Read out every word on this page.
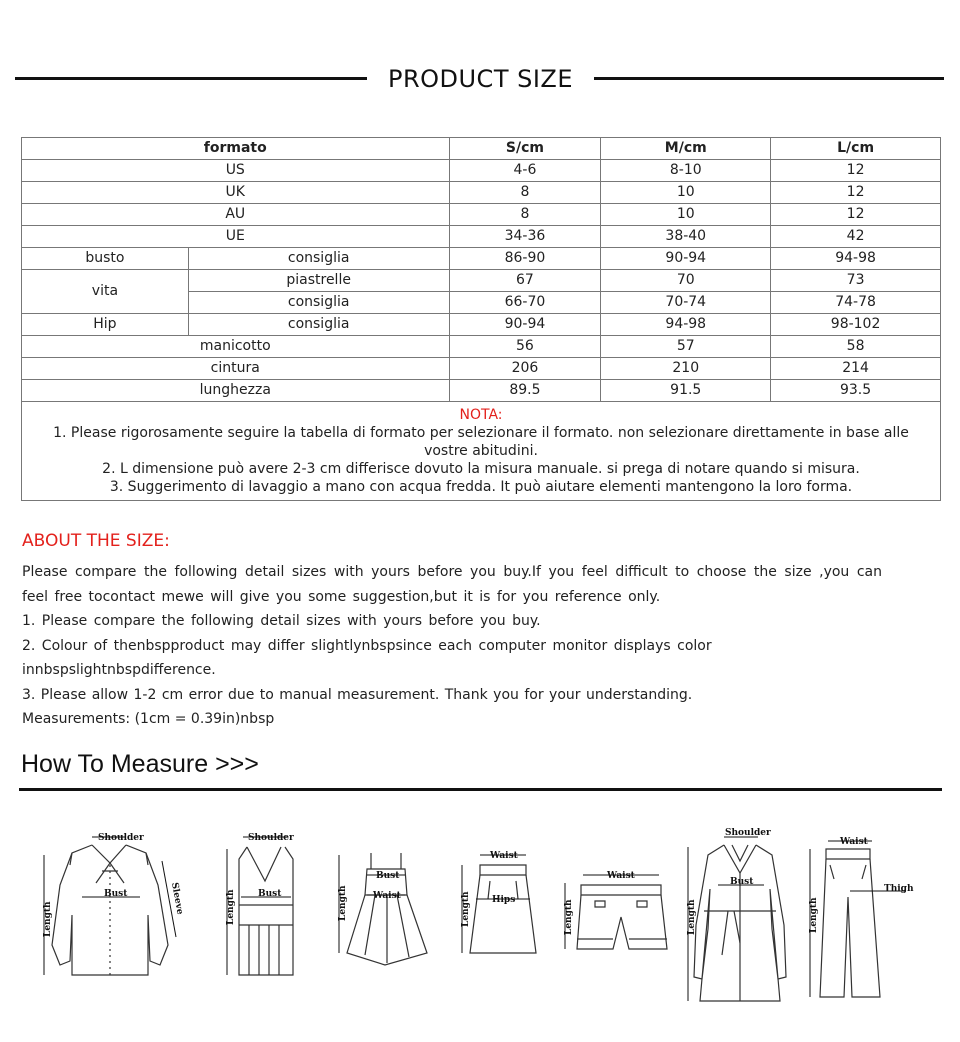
PRODUCT SIZE
formato		S/cm	M/cm	L/cm
US		4-6	8-10	12
UK		8	10	12
AU		8	10	12
UE		34-36	38-40	42
busto	consiglia	86-90	90-94	94-98
vita	piastrelle	67	70	73
	consiglia	66-70	70-74	74-78
Hip	consiglia	90-94	94-98	98-102
manicotto		56	57	58
cintura		206	210	214
lunghezza		89.5	91.5	93.5

NOTA:
1. Please rigorosamente seguire la tabella di formato per selezionare il formato. non selezionare direttamente in base alle vostre abitudini.
2. L dimensione può avere 2-3 cm differisce dovuto la misura manuale. si prega di notare quando si misura.
3. Suggerimento di lavaggio a mano con acqua fredda. It può aiutare elementi mantengono la loro forma.				
ABOUT THE SIZE:

Please compare the following detail sizes with yours before you buy.If you feel difficult to choose the size ,you can

feel free tocontact mewe will give you some suggestion,but it is for you reference only.

1. Please compare the following detail sizes with yours before you buy.

2. Colour of thenbspproduct may differ slightlynbspsince each computer monitor displays color

innbspslightnbspdifference.

3. Please allow 1-2 cm error due to manual measurement. Thank you for your understanding.

Measurements: (1cm = 0.39in)nbsp

How To Measure >>>
Shoulder
Bust
Length
Sleeve
Shoulder
Bust
Length
Bust
Waist
Length
Waist
Hips
Length
Waist
Length
Shoulder
Bust
Length
Waist
Thigh
Length
